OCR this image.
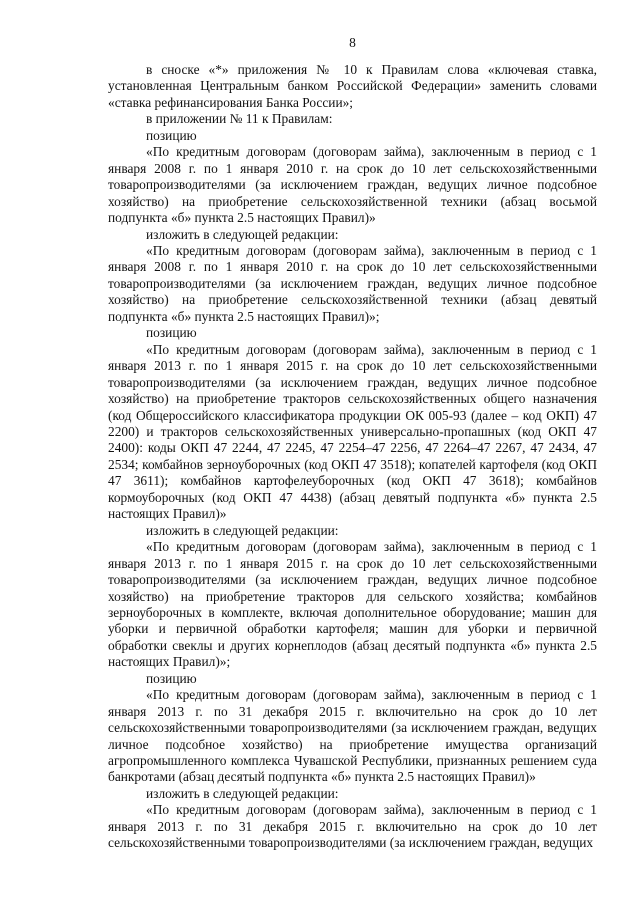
8

в сноске «*» приложения № 10 к Правилам слова «ключевая ставка, установленная Центральным банком Российской Федерации» заменить словами «ставка рефинансирования Банка России»;

в приложении № 11 к Правилам:

позицию

«По кредитным договорам (договорам займа), заключенным в период с 1 января 2008 г. по 1 января 2010 г. на срок до 10 лет сельскохозяйственными товаропроизводителями (за исключением граждан, ведущих личное подсобное хозяйство) на приобретение сельскохозяйственной техники (абзац восьмой подпункта «б» пункта 2.5 настоящих Правил)»

изложить в следующей редакции:

«По кредитным договорам (договорам займа), заключенным в период с 1 января 2008 г. по 1 января 2010 г. на срок до 10 лет сельскохозяйственными товаропроизводителями (за исключением граждан, ведущих личное подсобное хозяйство) на приобретение сельскохозяйственной техники (абзац девятый подпункта «б» пункта 2.5 настоящих Правил)»;

позицию

«По кредитным договорам (договорам займа), заключенным в период с 1 января 2013 г. по 1 января 2015 г. на срок до 10 лет сельскохозяйственными товаропроизводителями (за исключением граждан, ведущих личное подсобное хозяйство) на приобретение тракторов сельскохозяйственных общего назначения (код Общероссийского классификатора продукции ОК 005-93 (далее – код ОКП) 47 2200) и тракторов сельскохозяйственных универсально-пропашных (код ОКП 47 2400): коды ОКП 47 2244, 47 2245, 47 2254–47 2256, 47 2264–47 2267, 47 2434, 47 2534; комбайнов зерноуборочных (код ОКП 47 3518); копателей картофеля (код ОКП 47 3611); комбайнов картофелеуборочных (код ОКП 47 3618); комбайнов кормоуборочных (код ОКП 47 4438) (абзац девятый подпункта «б» пункта 2.5 настоящих Правил)»

изложить в следующей редакции:

«По кредитным договорам (договорам займа), заключенным в период с 1 января 2013 г. по 1 января 2015 г. на срок до 10 лет сельскохозяйственными товаропроизводителями (за исключением граждан, ведущих личное подсобное хозяйство) на приобретение тракторов для сельского хозяйства; комбайнов зерноуборочных в комплекте, включая дополнительное оборудование; машин для уборки и первичной обработки картофеля; машин для уборки и первичной обработки свеклы и других корнеплодов (абзац десятый подпункта «б» пункта 2.5 настоящих Правил)»;

позицию

«По кредитным договорам (договорам займа), заключенным в период с 1 января 2013 г. по 31 декабря 2015 г. включительно на срок до 10 лет сельскохозяйственными товаропроизводителями (за исключением граждан, ведущих личное подсобное хозяйство) на приобретение имущества организаций агропромышленного комплекса Чувашской Республики, признанных решением суда банкротами (абзац десятый подпункта «б» пункта 2.5 настоящих Правил)»

изложить в следующей редакции:

«По кредитным договорам (договорам займа), заключенным в период с 1 января 2013 г. по 31 декабря 2015 г. включительно на срок до 10 лет сельскохозяйственными товаропроизводителями (за исключением граждан, ведущих
